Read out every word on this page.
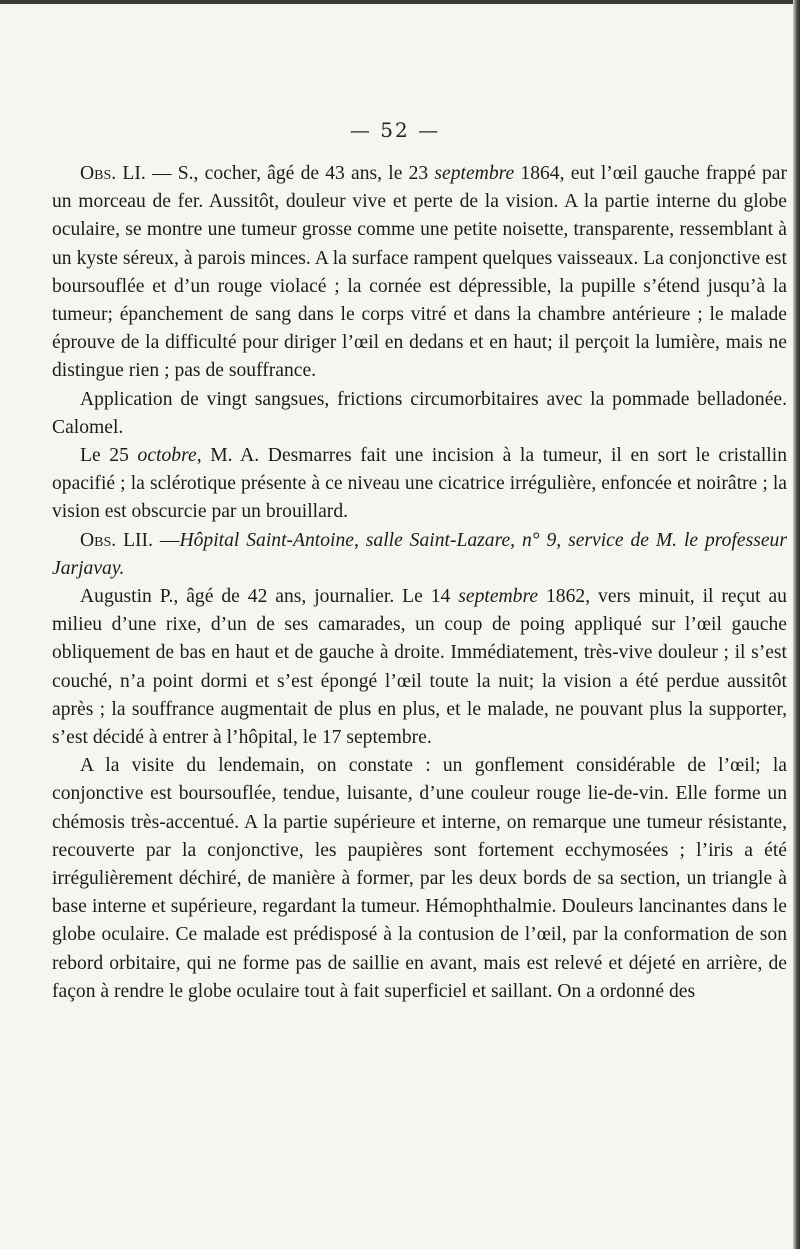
— 52 —

Obs. LI. — S., cocher, âgé de 43 ans, le 23 septembre 1864, eut l’œil gauche frappé par un morceau de fer. Aussitôt, douleur vive et perte de la vision. A la partie interne du globe oculaire, se montre une tumeur grosse comme une petite noisette, transparente, ressemblant à un kyste séreux, à parois minces. A la surface rampent quelques vaisseaux. La conjonctive est boursouflée et d’un rouge violacé ; la cornée est dépressible, la pupille s’étend jusqu’à la tumeur; épanchement de sang dans le corps vitré et dans la chambre antérieure ; le malade éprouve de la difficulté pour diriger l’œil en dedans et en haut; il perçoit la lumière, mais ne distingue rien ; pas de souffrance.

Application de vingt sangsues, frictions circumorbitaires avec la pommade belladonée. Calomel.

Le 25 octobre, M. A. Desmarres fait une incision à la tumeur, il en sort le cristallin opacifié ; la sclérotique présente à ce niveau une cicatrice irrégulière, enfoncée et noirâtre ; la vision est obscurcie par un brouillard.

Obs. LII. —Hôpital Saint-Antoine, salle Saint-Lazare, n° 9, service de M. le professeur Jarjavay.

Augustin P., âgé de 42 ans, journalier. Le 14 septembre 1862, vers minuit, il reçut au milieu d’une rixe, d’un de ses camarades, un coup de poing appliqué sur l’œil gauche obliquement de bas en haut et de gauche à droite. Immédiatement, très-vive douleur ; il s’est couché, n’a point dormi et s’est épongé l’œil toute la nuit; la vision a été perdue aussitôt après ; la souffrance augmentait de plus en plus, et le malade, ne pouvant plus la supporter, s’est décidé à entrer à l’hôpital, le 17 septembre.

A la visite du lendemain, on constate : un gonflement considérable de l’œil; la conjonctive est boursouflée, tendue, luisante, d’une couleur rouge lie-de-vin. Elle forme un chémosis très-accentué. A la partie supérieure et interne, on remarque une tumeur résistante, recouverte par la conjonctive, les paupières sont fortement ecchymosées ; l’iris a été irrégulièrement déchiré, de manière à former, par les deux bords de sa section, un triangle à base interne et supérieure, regardant la tumeur. Hémophthalmie. Douleurs lancinantes dans le globe oculaire. Ce malade est prédisposé à la contusion de l’œil, par la conformation de son rebord orbitaire, qui ne forme pas de saillie en avant, mais est relevé et déjeté en arrière, de façon à rendre le globe oculaire tout à fait superficiel et saillant. On a ordonné des
